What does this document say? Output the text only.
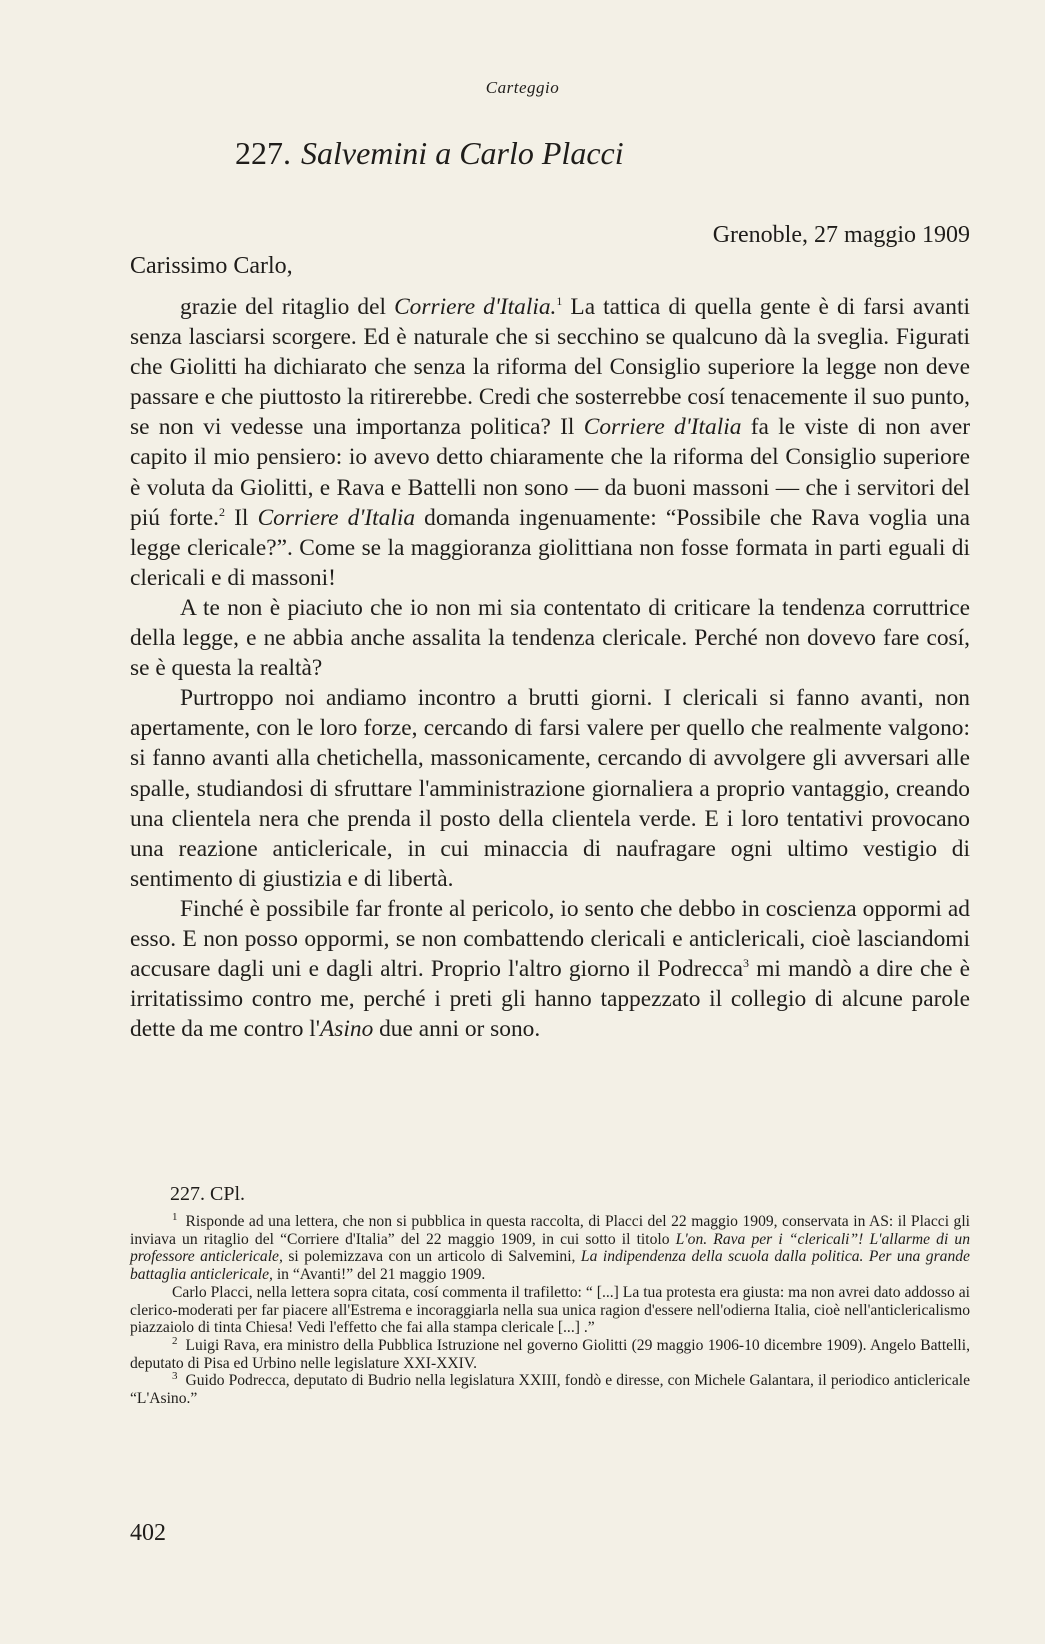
Carteggio
227. Salvemini a Carlo Placci
Grenoble, 27 maggio 1909
Carissimo Carlo,

grazie del ritaglio del Corriere d'Italia.$^1$ La tattica di quella gente è di farsi avanti senza lasciarsi scorgere. Ed è naturale che si secchino se qualcuno dà la sveglia. Figurati che Giolitti ha dichiarato che senza la riforma del Consiglio superiore la legge non deve passare e che piuttosto la ritirerebbe. Credi che sosterrebbe cosí tenacemente il suo punto, se non vi vedesse una importanza politica? Il Corriere d'Italia fa le viste di non aver capito il mio pensiero: io avevo detto chiaramente che la riforma del Consiglio superiore è voluta da Giolitti, e Rava e Battelli non sono — da buoni massoni — che i servitori del piú forte.$^2$ Il Corriere d'Italia domanda ingenuamente: “Possibile che Rava voglia una legge clericale?”. Come se la maggioranza giolittiana non fosse formata in parti eguali di clericali e di massoni!

A te non è piaciuto che io non mi sia contentato di criticare la tendenza corruttrice della legge, e ne abbia anche assalita la tendenza clericale. Perché non dovevo fare cosí, se è questa la realtà?

Purtroppo noi andiamo incontro a brutti giorni. I clericali si fanno avanti, non apertamente, con le loro forze, cercando di farsi valere per quello che realmente valgono: si fanno avanti alla chetichella, massonicamente, cercando di avvolgere gli avversari alle spalle, studiandosi di sfruttare l'amministrazione giornaliera a proprio vantaggio, creando una clientela nera che prenda il posto della clientela verde. E i loro tentativi provocano una reazione anticlericale, in cui minaccia di naufragare ogni ultimo vestigio di sentimento di giustizia e di libertà.

Finché è possibile far fronte al pericolo, io sento che debbo in coscienza oppormi ad esso. E non posso oppormi, se non combattendo clericali e anticlericali, cioè lasciandomi accusare dagli uni e dagli altri. Proprio l'altro giorno il Podrecca$^3$ mi mandò a dire che è irritatissimo contro me, perché i preti gli hanno tappezzato il collegio di alcune parole dette da me contro l'Asino due anni or sono.

227. CPl.

$^1$ Risponde ad una lettera, che non si pubblica in questa raccolta, di Placci del 22 maggio 1909, conservata in AS: il Placci gli inviava un ritaglio del “Corriere d'Italia” del 22 maggio 1909, in cui sotto il titolo L'on. Rava per i “clericali”! L'allarme di un professore anticlericale, si polemizzava con un articolo di Salvemini, La indipendenza della scuola dalla politica. Per una grande battaglia anticlericale, in “Avanti!” del 21 maggio 1909.

Carlo Placci, nella lettera sopra citata, cosí commenta il trafiletto: “ [...] La tua protesta era giusta: ma non avrei dato addosso ai clerico-moderati per far piacere all'Estrema e incoraggiarla nella sua unica ragion d'essere nell'odierna Italia, cioè nell'anticlericalismo piazzaiolo di tinta Chiesa! Vedi l'effetto che fai alla stampa clericale [...] .”

$^2$ Luigi Rava, era ministro della Pubblica Istruzione nel governo Giolitti (29 maggio 1906-10 dicembre 1909). Angelo Battelli, deputato di Pisa ed Urbino nelle legislature XXI-XXIV.

$^3$ Guido Podrecca, deputato di Budrio nella legislatura XXIII, fondò e diresse, con Michele Galantara, il periodico anticlericale “L'Asino.”

402
